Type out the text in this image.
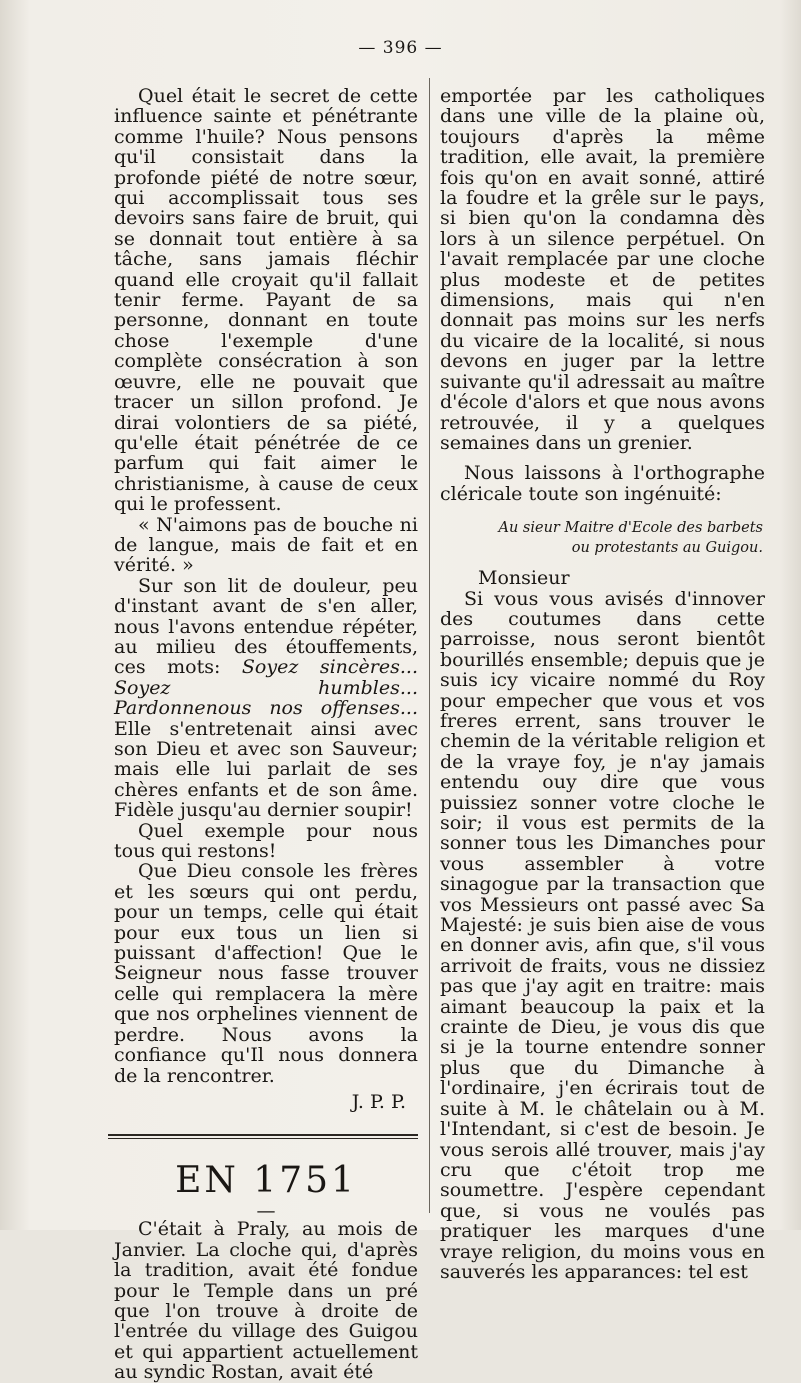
— 396 —

Quel était le secret de cette influence sainte et pénétrante comme l'huile? Nous pensons qu'il consistait dans la profonde piété de notre sœur, qui accomplissait tous ses devoirs sans faire de bruit, qui se donnait tout entière à sa tâche, sans jamais fléchir quand elle croyait qu'il fallait tenir ferme. Payant de sa personne, donnant en toute chose l'exemple d'une complète consécration à son œuvre, elle ne pouvait que tracer un sillon profond. Je dirai volontiers de sa piété, qu'elle était pénétrée de ce parfum qui fait aimer le christianisme, à cause de ceux qui le professent.

« N'aimons pas de bouche ni de langue, mais de fait et en vérité. »

Sur son lit de douleur, peu d'instant avant de s'en aller, nous l'avons entendue répéter, au milieu des étouffements, ces mots: Soyez sincères... Soyez humbles... Pardonnenous nos offenses... Elle s'entretenait ainsi avec son Dieu et avec son Sauveur; mais elle lui parlait de ses chères enfants et de son âme. Fidèle jusqu'au dernier soupir!

Quel exemple pour nous tous qui restons!

Que Dieu console les frères et les sœurs qui ont perdu, pour un temps, celle qui était pour eux tous un lien si puissant d'affection! Que le Seigneur nous fasse trouver celle qui remplacera la mère que nos orphelines viennent de perdre. Nous avons la confiance qu'Il nous donnera de la rencontrer.

J. P. P.

EN 1751
—

C'était à Praly, au mois de Janvier. La cloche qui, d'après la tradition, avait été fondue pour le Temple dans un pré que l'on trouve à droite de l'entrée du village des Guigou et qui appartient actuellement au syndic Rostan, avait été

emportée par les catholiques dans une ville de la plaine où, toujours d'après la même tradition, elle avait, la première fois qu'on en avait sonné, attiré la foudre et la grêle sur le pays, si bien qu'on la condamna dès lors à un silence perpétuel. On l'avait remplacée par une cloche plus modeste et de petites dimensions, mais qui n'en donnait pas moins sur les nerfs du vicaire de la localité, si nous devons en juger par la lettre suivante qu'il adressait au maître d'école d'alors et que nous avons retrouvée, il y a quelques semaines dans un grenier.

Nous laissons à l'orthographe cléricale toute son ingénuité:

Au sieur Maitre d'Ecole des barbets
ou protestants au Guigou.

Monsieur

Si vous vous avisés d'innover des coutumes dans cette parroisse, nous seront bientôt bourillés ensemble; depuis que je suis icy vicaire nommé du Roy pour empecher que vous et vos freres errent, sans trouver le chemin de la véritable religion et de la vraye foy, je n'ay jamais entendu ouy dire que vous puissiez sonner votre cloche le soir; il vous est permits de la sonner tous les Dimanches pour vous assembler à votre sinagogue par la transaction que vos Messieurs ont passé avec Sa Majesté: je suis bien aise de vous en donner avis, afin que, s'il vous arrivoit de fraits, vous ne dissiez pas que j'ay agit en traitre: mais aimant beaucoup la paix et la crainte de Dieu, je vous dis que si je la tourne entendre sonner plus que du Dimanche à l'ordinaire, j'en écrirais tout de suite à M. le châtelain ou à M. l'Intendant, si c'est de besoin. Je vous serois allé trouver, mais j'ay cru que c'étoit trop me soumettre. J'espère cependant que, si vous ne voulés pas pratiquer les marques d'une vraye religion, du moins vous en sauverés les apparances: tel est
